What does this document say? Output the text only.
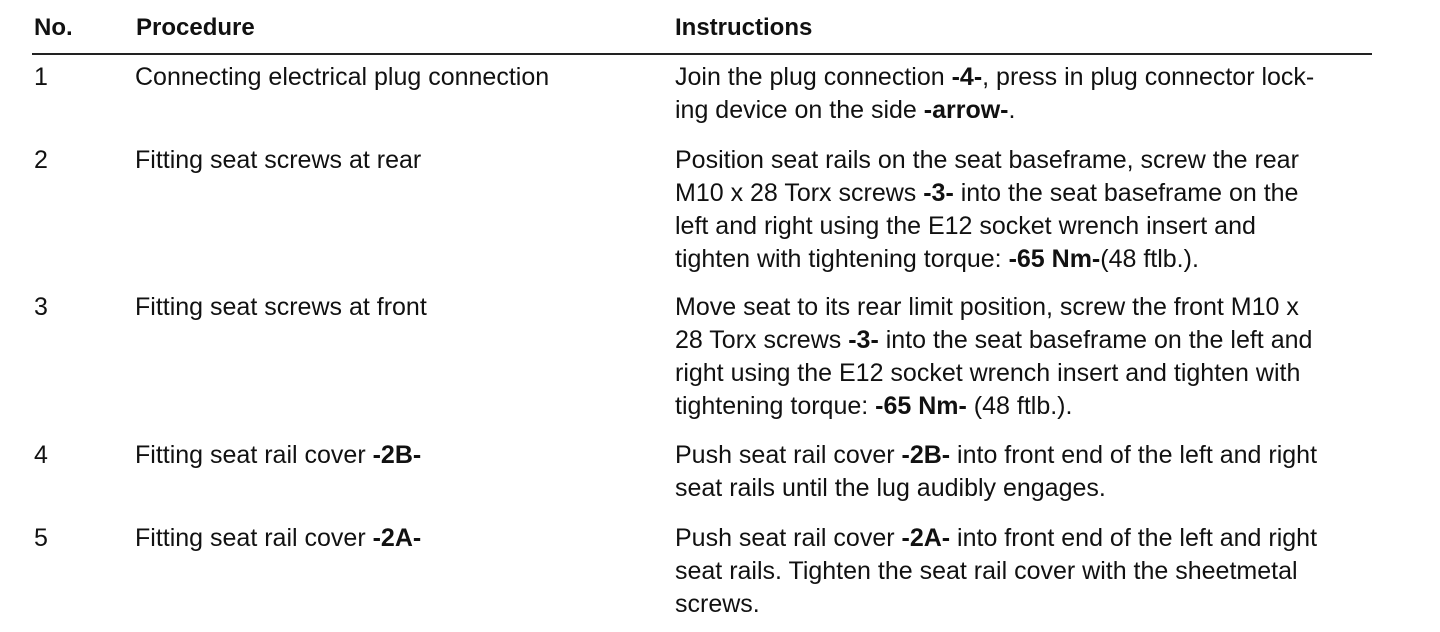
No.	Procedure	Instructions
1	Connecting electrical plug connection	Join the plug connection -4-, press in plug connector lock-
ing device on the side -arrow-.
2	Fitting seat screws at rear	Position seat rails on the seat baseframe, screw the rear
M10 x 28 Torx screws -3- into the seat baseframe on the
left and right using the E12 socket wrench insert and
tighten with tightening torque: -65 Nm-(48 ftlb.).
3	Fitting seat screws at front	Move seat to its rear limit position, screw the front M10 x
28 Torx screws -3- into the seat baseframe on the left and
right using the E12 socket wrench insert and tighten with
tightening torque: -65 Nm- (48 ftlb.).
4	Fitting seat rail cover -2B-	Push seat rail cover -2B- into front end of the left and right
seat rails until the lug audibly engages.
5	Fitting seat rail cover -2A-	Push seat rail cover -2A- into front end of the left and right
seat rails. Tighten the seat rail cover with the sheetmetal
screws.
